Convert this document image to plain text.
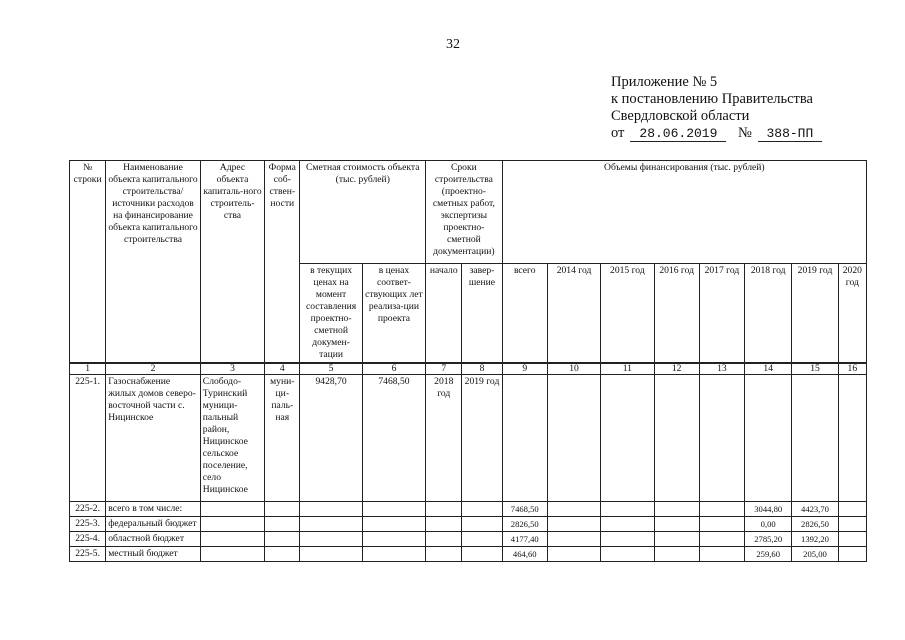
32
Приложение № 5
к постановлению Правительства
Свердловской области
от 28.06.2019 № 388-ПП
№ строки	Наименование объекта капитального строительства/ источники расходов на финансирование объекта капитального строительства	Адрес объекта капиталь-ного строитель-ства	Форма соб-ствен-ности	Сметная стоимость объекта (тыс. рублей)		Сроки строительства (проектно-сметных работ, экспертизы проектно-сметной документации)		Объемы финансирования (тыс. рублей)							
				в текущих ценах на момент составления проектно-сметной докумен-тации	в ценах соответ-ствующих лет реализа-ции проекта	начало	завер-шение	всего	2014 год	2015 год	2016 год	2017 год	2018 год	2019 год	2020 год
1	2	3	4	5	6	7	8	9	10	11	12	13	14	15	16
225-1.	Газоснабжение жилых домов северо-восточной части с. Ницинское	Слободо-Туринский муници-пальный район, Ницинское сельское поселение, село Ницинское	муни-ци-паль-ная	9428,70	7468,50	2018 год	2019 год								
225-2.	всего в том числе:							7468,50					3044,80	4423,70	
225-3.	федеральный бюджет							2826,50					0,00	2826,50	
225-4.	областной бюджет							4177,40					2785,20	1392,20	
225-5.	местный бюджет							464,60					259,60	205,00	
